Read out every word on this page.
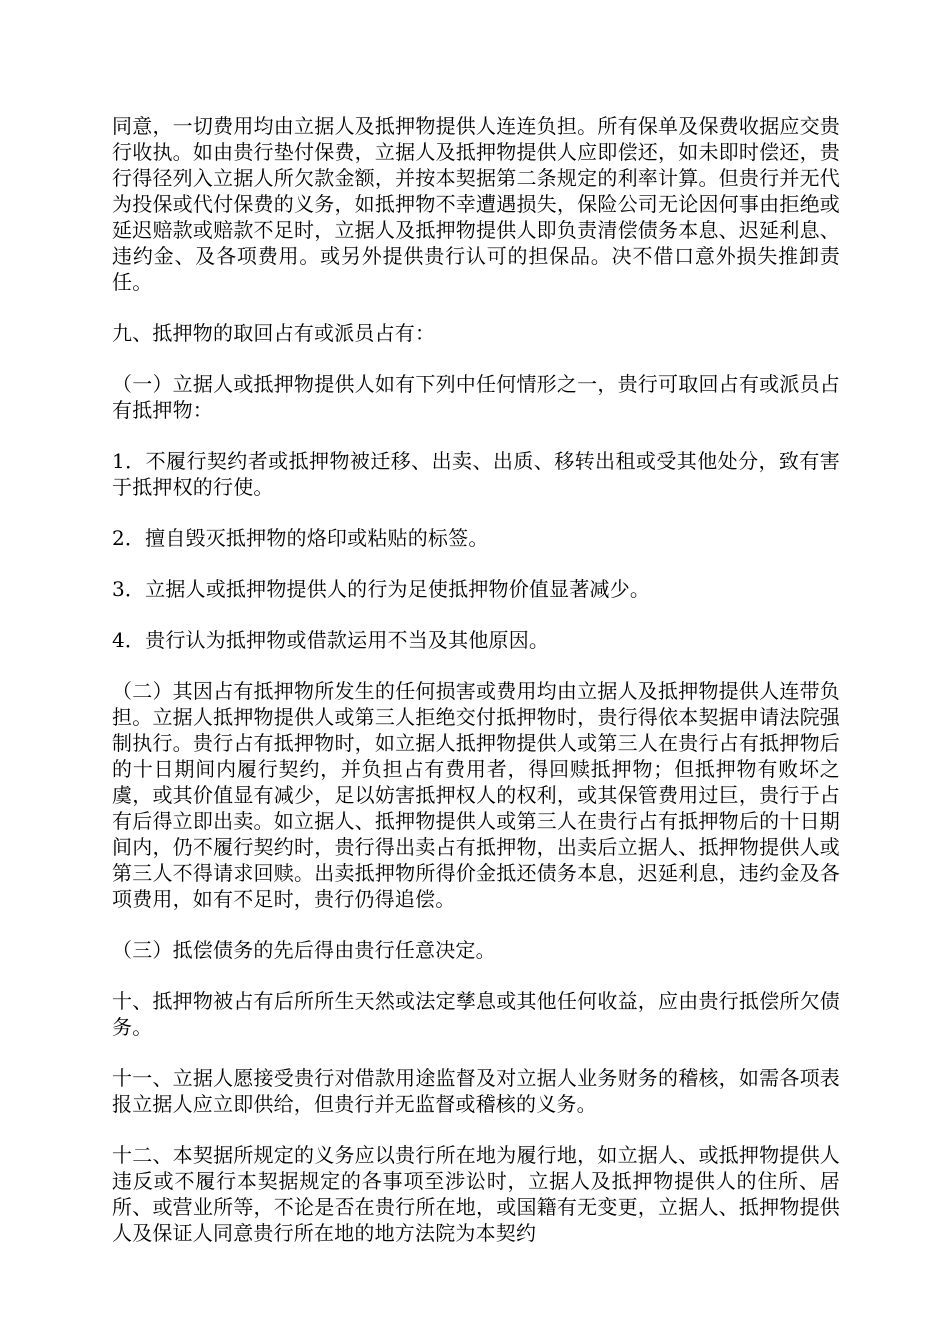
同意，一切费用均由立据人及抵押物提供人连连负担。所有保单及保费收据应交贵行收执。如由贵行垫付保费，立据人及抵押物提供人应即偿还，如未即时偿还，贵行得径列入立据人所欠款金额，并按本契据第二条规定的利率计算。但贵行并无代为投保或代付保费的义务，如抵押物不幸遭遇损失，保险公司无论因何事由拒绝或延迟赔款或赔款不足时，立据人及抵押物提供人即负责清偿债务本息、迟延利息、违约金、及各项费用。或另外提供贵行认可的担保品。决不借口意外损失推卸责任。

九、抵押物的取回占有或派员占有：

（一）立据人或抵押物提供人如有下列中任何情形之一，贵行可取回占有或派员占有抵押物：

1．不履行契约者或抵押物被迁移、出卖、出质、移转出租或受其他处分，致有害于抵押权的行使。

2．擅自毁灭抵押物的烙印或粘贴的标签。

3．立据人或抵押物提供人的行为足使抵押物价值显著减少。

4．贵行认为抵押物或借款运用不当及其他原因。

（二）其因占有抵押物所发生的任何损害或费用均由立据人及抵押物提供人连带负担。立据人抵押物提供人或第三人拒绝交付抵押物时，贵行得依本契据申请法院强制执行。贵行占有抵押物时，如立据人抵押物提供人或第三人在贵行占有抵押物后的十日期间内履行契约，并负担占有费用者，得回赎抵押物；但抵押物有败坏之虞，或其价值显有减少，足以妨害抵押权人的权利，或其保管费用过巨，贵行于占有后得立即出卖。如立据人、抵押物提供人或第三人在贵行占有抵押物后的十日期间内，仍不履行契约时，贵行得出卖占有抵押物，出卖后立据人、抵押物提供人或第三人不得请求回赎。出卖抵押物所得价金抵还债务本息，迟延利息，违约金及各项费用，如有不足时，贵行仍得追偿。

（三）抵偿债务的先后得由贵行任意决定。

十、抵押物被占有后所所生天然或法定孳息或其他任何收益，应由贵行抵偿所欠债务。

十一、立据人愿接受贵行对借款用途监督及对立据人业务财务的稽核，如需各项表报立据人应立即供给，但贵行并无监督或稽核的义务。

十二、本契据所规定的义务应以贵行所在地为履行地，如立据人、或抵押物提供人违反或不履行本契据规定的各事项至涉讼时，立据人及抵押物提供人的住所、居所、或营业所等，不论是否在贵行所在地，或国籍有无变更，立据人、抵押物提供人及保证人同意贵行所在地的地方法院为本契约
